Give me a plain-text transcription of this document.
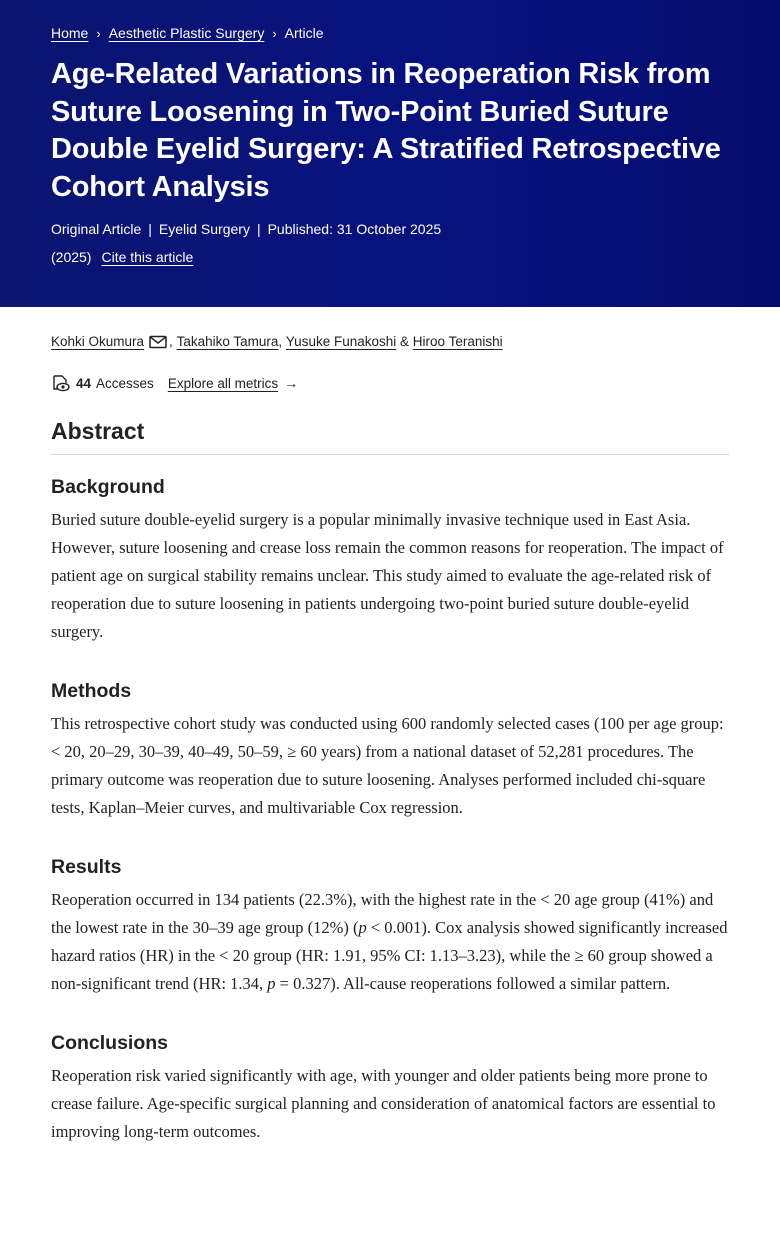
Home › Aesthetic Plastic Surgery › Article
Age-Related Variations in Reoperation Risk from Suture Loosening in Two-Point Buried Suture Double Eyelid Surgery: A Stratified Retrospective Cohort Analysis
Original Article | Eyelid Surgery | Published: 31 October 2025
(2025) Cite this article
Kohki Okumura ,
Takahiko Tamura ,
Yusuke Funakoshi
&
Hiroo Teranishi
44 Accesses Explore all metrics →
Abstract
Background

Buried suture double-eyelid surgery is a popular minimally invasive technique used in East Asia. However, suture loosening and crease loss remain the common reasons for reoperation. The impact of patient age on surgical stability remains unclear. This study aimed to evaluate the age-related risk of reoperation due to suture loosening in patients undergoing two-point buried suture double-eyelid surgery.

Methods

This retrospective cohort study was conducted using 600 randomly selected cases (100 per age group: < 20, 20–29, 30–39, 40–49, 50–59, ≥ 60 years) from a national dataset of 52,281 procedures. The primary outcome was reoperation due to suture loosening. Analyses performed included chi-square tests, Kaplan–Meier curves, and multivariable Cox regression.

Results

Reoperation occurred in 134 patients (22.3%), with the highest rate in the < 20 age group (41%) and the lowest rate in the 30–39 age group (12%) (p < 0.001). Cox analysis showed significantly increased hazard ratios (HR) in the < 20 group (HR: 1.91, 95% CI: 1.13–3.23), while the ≥ 60 group showed a non-significant trend (HR: 1.34, p = 0.327). All-cause reoperations followed a similar pattern.

Conclusions

Reoperation risk varied significantly with age, with younger and older patients being more prone to crease failure. Age-specific surgical planning and consideration of anatomical factors are essential to improving long-term outcomes.
